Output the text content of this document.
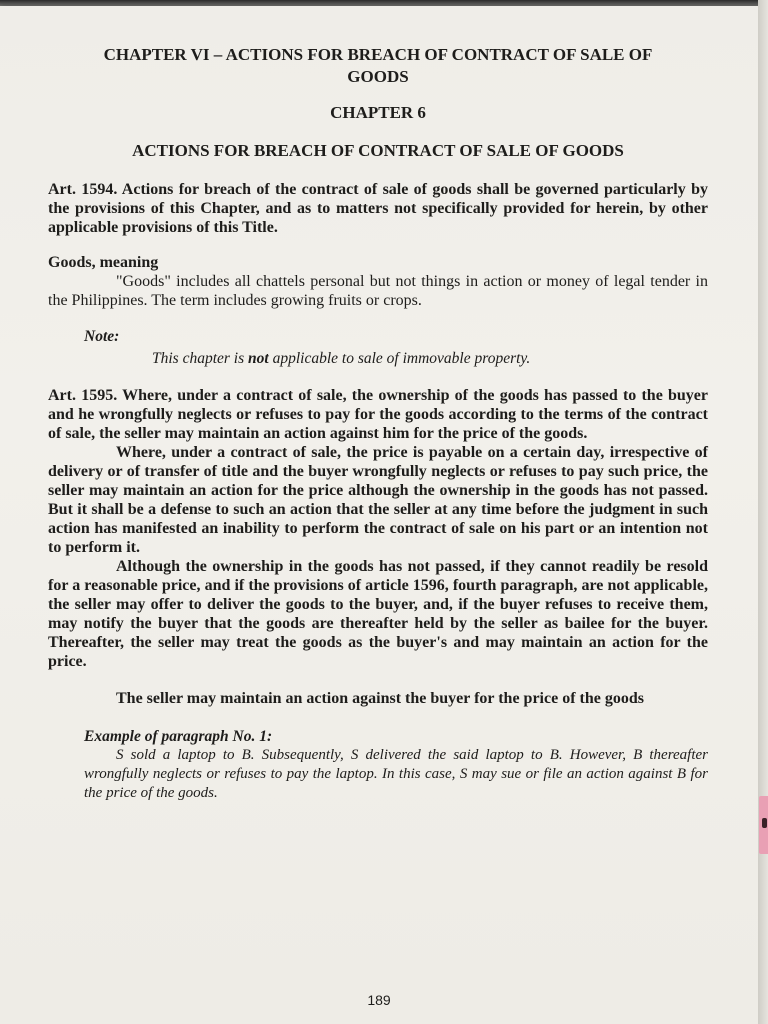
CHAPTER VI – ACTIONS FOR BREACH OF CONTRACT OF SALE OF
GOODS

CHAPTER 6

ACTIONS FOR BREACH OF CONTRACT OF SALE OF GOODS

Art. 1594. Actions for breach of the contract of sale of goods shall be governed particularly by the provisions of this Chapter, and as to matters not specifically provided for herein, by other applicable provisions of this Title.

Goods, meaning

"Goods" includes all chattels personal but not things in action or money of legal tender in the Philippines. The term includes growing fruits or crops.

Note:

This chapter is not applicable to sale of immovable property.

Art. 1595. Where, under a contract of sale, the ownership of the goods has passed to the buyer and he wrongfully neglects or refuses to pay for the goods according to the terms of the contract of sale, the seller may maintain an action against him for the price of the goods.

Where, under a contract of sale, the price is payable on a certain day, irrespective of delivery or of transfer of title and the buyer wrongfully neglects or refuses to pay such price, the seller may maintain an action for the price although the ownership in the goods has not passed. But it shall be a defense to such an action that the seller at any time before the judgment in such action has manifested an inability to perform the contract of sale on his part or an intention not to perform it.

Although the ownership in the goods has not passed, if they cannot readily be resold for a reasonable price, and if the provisions of article 1596, fourth paragraph, are not applicable, the seller may offer to deliver the goods to the buyer, and, if the buyer refuses to receive them, may notify the buyer that the goods are thereafter held by the seller as bailee for the buyer. Thereafter, the seller may treat the goods as the buyer's and may maintain an action for the price.

The seller may maintain an action against the buyer for the price of the goods

Example of paragraph No. 1:

S sold a laptop to B. Subsequently, S delivered the said laptop to B. However, B thereafter wrongfully neglects or refuses to pay the laptop. In this case, S may sue or file an action against B for the price of the goods.

189
